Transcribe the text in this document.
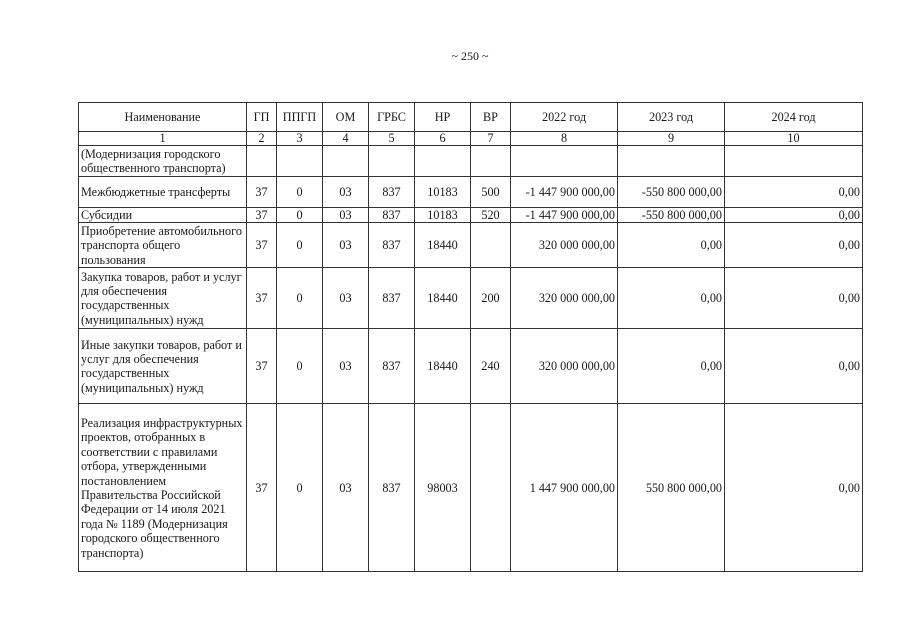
~ 250 ~
Наименование	ГП	ППГП	ОМ	ГРБС	НР	ВР	2022 год	2023 год	2024 год
1	2	3	4	5	6	7	8	9	10
(Модернизация городского общественного транспорта)									
Межбюджетные трансферты	37	0	03	837	10183	500	-1 447 900 000,00	-550 800 000,00	0,00
Субсидии	37	0	03	837	10183	520	-1 447 900 000,00	-550 800 000,00	0,00
Приобретение автомобильного транспорта общего пользования	37	0	03	837	18440		320 000 000,00	0,00	0,00
Закупка товаров, работ и услуг для обеспечения государственных (муниципальных) нужд	37	0	03	837	18440	200	320 000 000,00	0,00	0,00
Иные закупки товаров, работ и услуг для обеспечения государственных (муниципальных) нужд	37	0	03	837	18440	240	320 000 000,00	0,00	0,00
Реализация инфраструктурных проектов, отобранных в соответствии с правилами отбора, утвержденными постановлением Правительства Российской Федерации от 14 июля 2021 года № 1189 (Модернизация городского общественного транспорта)	37	0	03	837	98003		1 447 900 000,00	550 800 000,00	0,00
